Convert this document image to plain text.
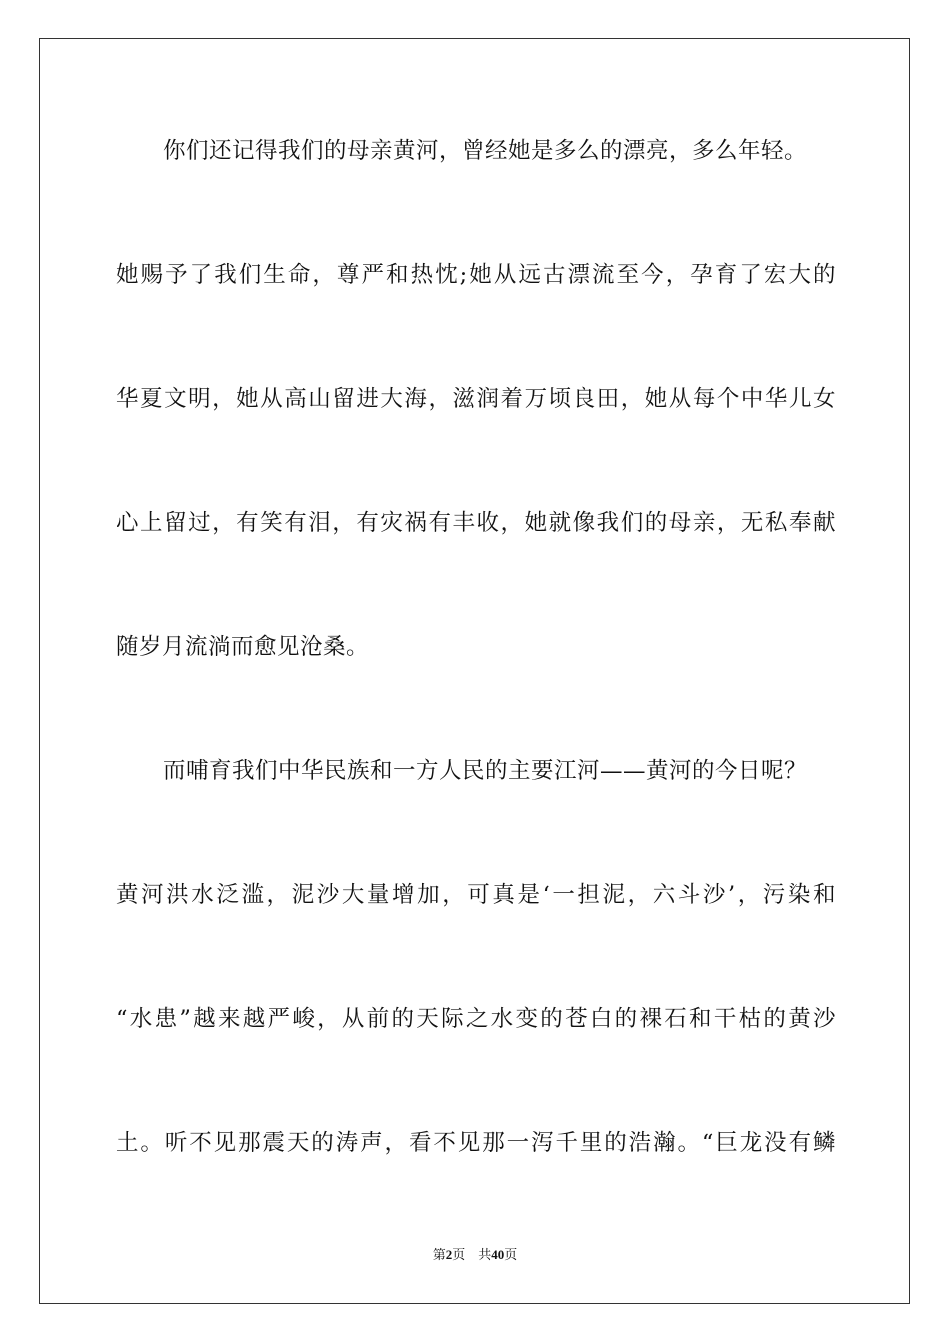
你们还记得我们的母亲黄河，曾经她是多么的漂亮，多么年轻。
她赐予了我们生命，尊严和热忱;她从远古漂流至今，孕育了宏大的
华夏文明，她从高山留进大海，滋润着万顷良田，她从每个中华儿女
心上留过，有笑有泪，有灾祸有丰收，她就像我们的母亲，无私奉献
随岁月流淌而愈见沧桑。
而哺育我们中华民族和一方人民的主要江河——黄河的今日呢？
黄河洪水泛滥，泥沙大量增加，可真是‘一担泥，六斗沙’，污染和
“水患”越来越严峻，从前的天际之水变的苍白的裸石和干枯的黄沙
土。听不见那震天的涛声，看不见那一泻千里的浩瀚。“巨龙没有鳞
第2页 共40页
